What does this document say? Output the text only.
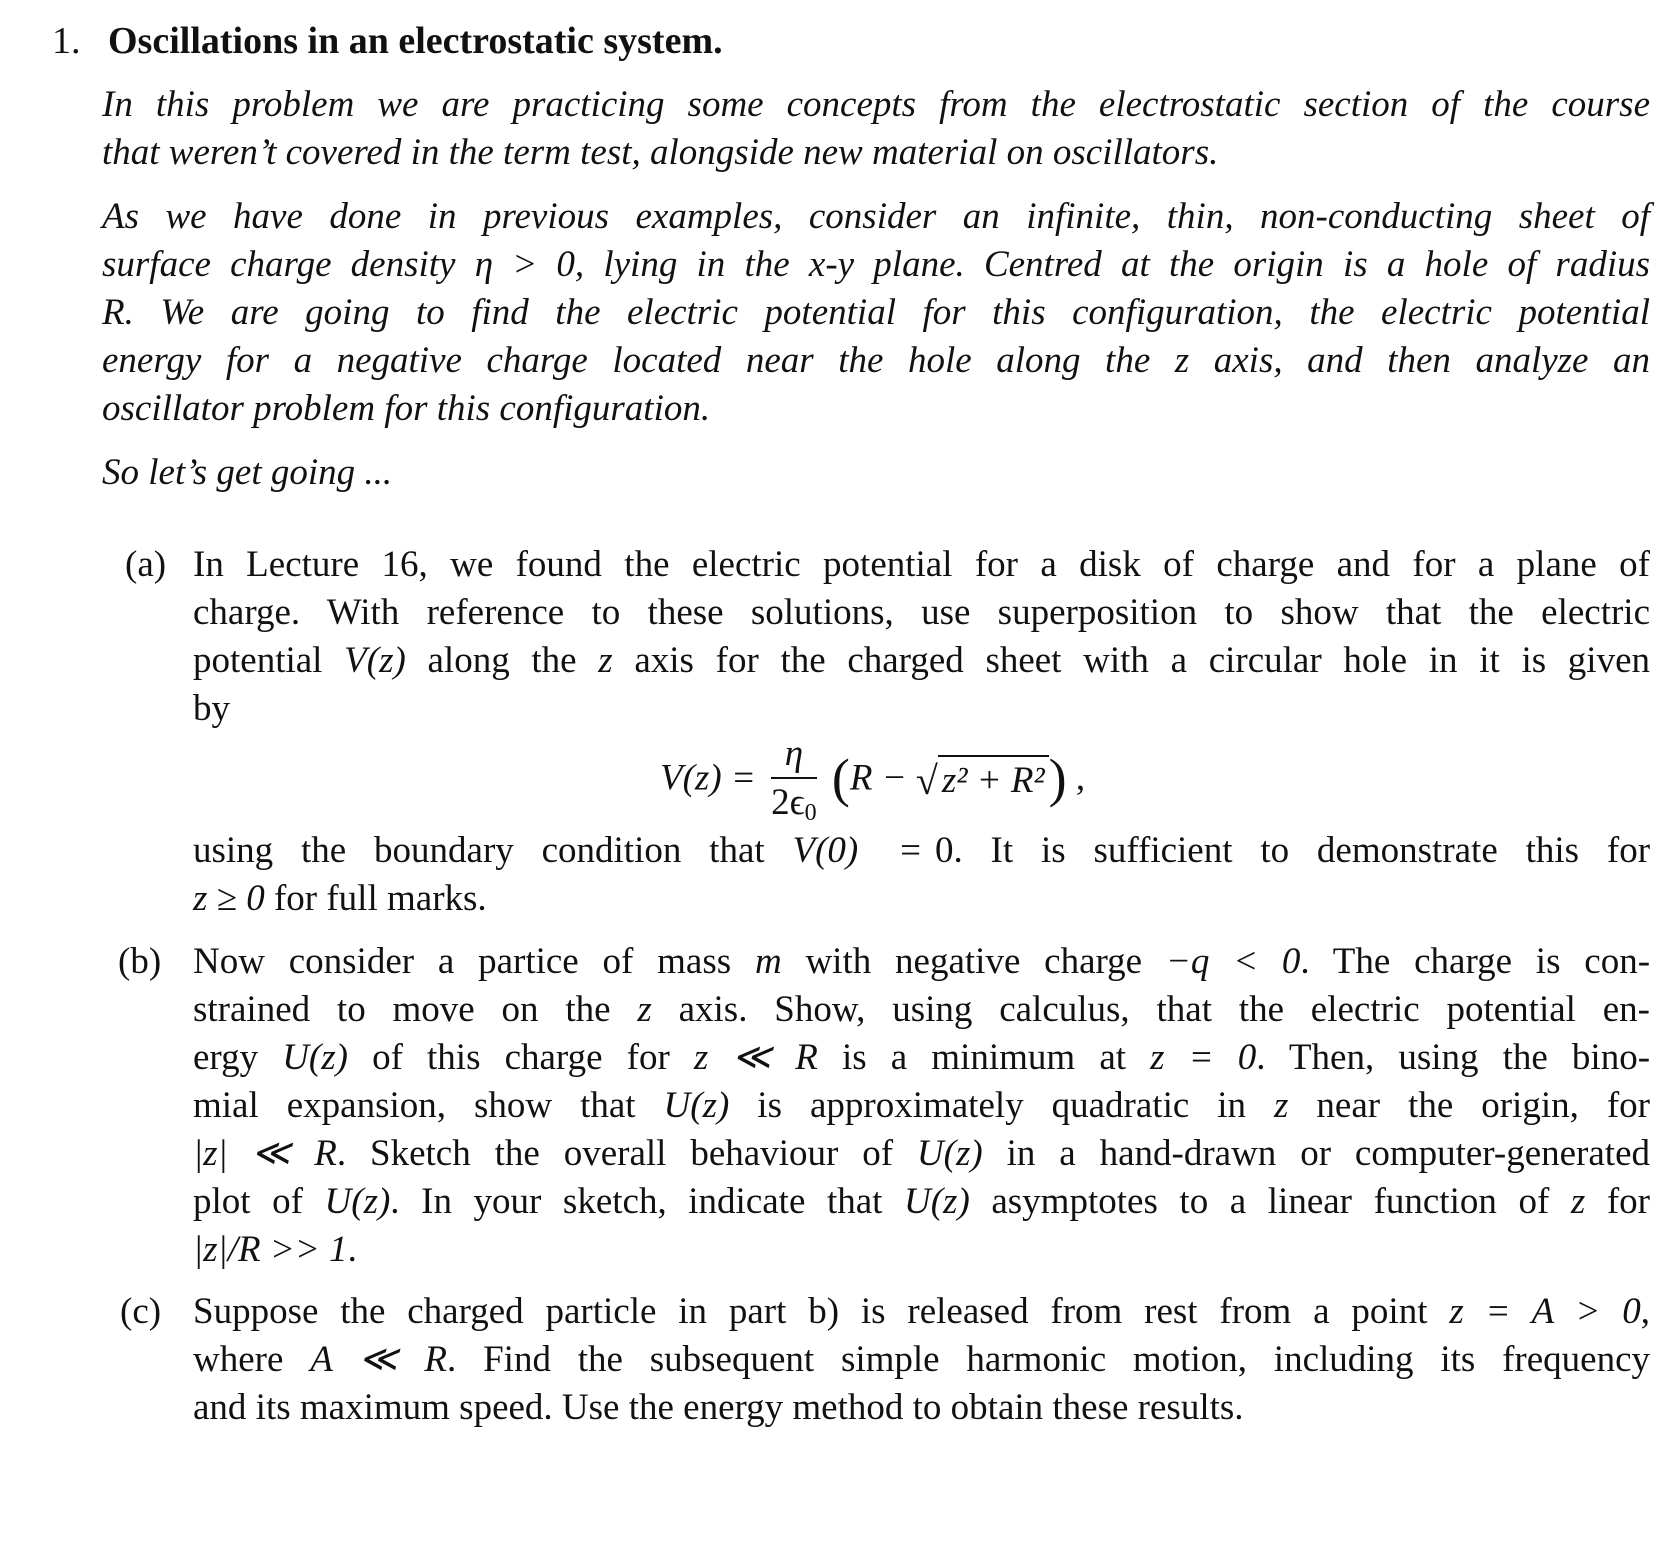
1. Oscillations in an electrostatic system.
In this problem we are practicing some concepts from the electrostatic section of the course
that weren’t covered in the term test, alongside new material on oscillators.
As we have done in previous examples, consider an infinite, thin, non-conducting sheet of
surface charge density η > 0, lying in the x-y plane. Centred at the origin is a hole of radius
R. We are going to find the electric potential for this configuration, the electric potential
energy for a negative charge located near the hole along the z axis, and then analyze an
oscillator problem for this configuration.
So let’s get going ...
(a) In Lecture 16, we found the electric potential for a disk of charge and for a plane of
charge. With reference to these solutions, use superposition to show that the electric
potential V(z) along the z axis for the charged sheet with a circular hole in it is given
by
$V(z) = \frac{\eta}{2\epsilon_0} (R$ − √ z² + R²) ,
using the boundary condition that V(0) = 0. It is sufficient to demonstrate this for
z ≥ 0 for full marks.
(b) Now consider a partice of mass m with negative charge −q < 0. The charge is con-
strained to move on the z axis. Show, using calculus, that the electric potential en-
ergy U(z) of this charge for z ≪ R is a minimum at z = 0. Then, using the bino-
mial expansion, show that U(z) is approximately quadratic in z near the origin, for
|z| ≪ R. Sketch the overall behaviour of U(z) in a hand-drawn or computer-generated
plot of U(z). In your sketch, indicate that U(z) asymptotes to a linear function of z for
|z|/R >> 1.
(c) Suppose the charged particle in part b) is released from rest from a point z = A > 0,
where A ≪ R. Find the subsequent simple harmonic motion, including its frequency
and its maximum speed. Use the energy method to obtain these results.
